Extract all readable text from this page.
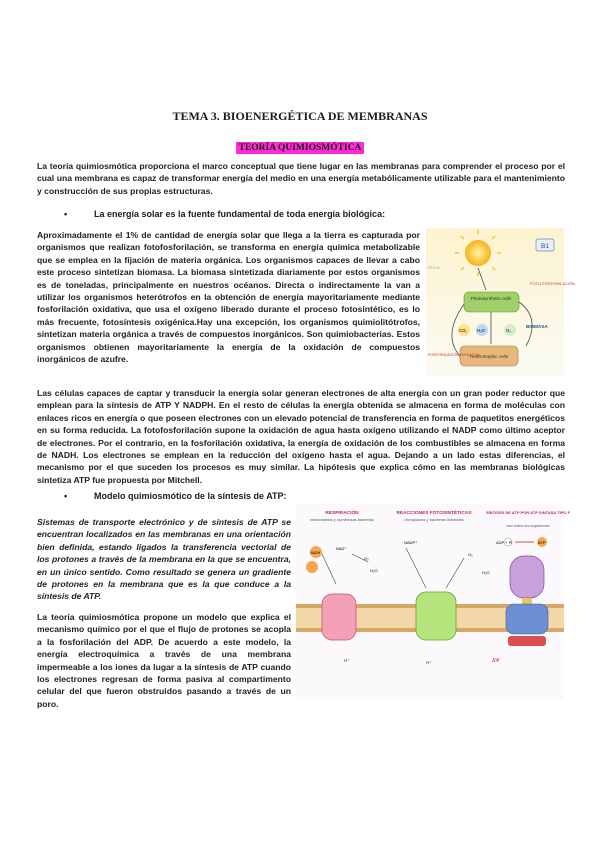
TEMA 3. BIOENERGÉTICA DE MEMBRANAS
TEORÍA QUIMIOSMÓTICA
La teoría quimiosmótica proporciona el marco conceptual que tiene lugar en las membranas para comprender el proceso por el cual una membrana es capaz de transformar energía del medio en una energía metabólicamente utilizable para el mantenimiento y construcción de sus propias estructuras.
•	La energía solar es la fuente fundamental de toda energía biológica:
Aproximadamente el 1% de cantidad de energía solar que llega a la tierra es capturada por organismos que realizan fotofosforilación, se transforma en energía química metabolizable que se emplea en la fijación de materia orgánica. Los organismos capaces de llevar a cabo este proceso sintetizan biomasa. La biomasa sintetizada diariamente por estos organismos es de toneladas, principalmente en nuestros océanos. Directa o indirectamente la van a utilizar los organismos heterótrofos en la obtención de energía mayoritariamente mediante fosforilación oxidativa, que usa el oxígeno liberado durante el proceso fotosintético, es lo más frecuente, fotosíntesis oxigénica.Hay una excepción, los organismos quimiolitótrofos, sintetizan materia orgánica a través de compuestos inorgánicos. Son quimiobacterias. Estos organismos obtienen mayoritariamente la energía de la oxidación de compuestos inorgánicos de azufre.
B1
ETICA
Photosynthetic cells
Heterotrophic cells
FOTO-FOSFORILACIÓN
BIOMASA
FOSFORILACIÓN OXIDATIVA
CO₂ H₂O	O₂
Las células capaces de captar y transducir la energía solar generan electrones de alta energía con un gran poder reductor que emplean para la síntesis de ATP Y NADPH. En el resto de células la energía obtenida se almacena en forma de moléculas con enlaces ricos en energía o que poseen electrones con un elevado potencial de transferencia en forma de paquetitos energéticos en su forma reducida. La fotofosforilación supone la oxidación de agua hasta oxígeno utilizando el NADP como último aceptor de electrones. Por el contrario, en la fosforilación oxidativa, la energía de oxidación de los combustibles se almacena en forma de NADH. Los electrones se emplean en la reducción del oxígeno hasta el agua. Dejando a un lado estas diferencias, el mecanismo por el que suceden los procesos es muy similar. La hipótesis que explica cómo en las membranas biológicas sintetiza ATP fue propuesta por Mitchell.
•	Modelo quimiosmótico de la síntesis de ATP:
Sistemas de transporte electrónico y de síntesis de ATP se encuentran localizados en las membranas en una orientación bien definida, estando ligados la transferencia vectorial de los protones a través de la membrana en la que se encuentra, en un único sentido. Como resultado se genera un gradiente de protones en la membrana que es la que conduce a la síntesis de ATP.
La teoría quimiosmótica propone un modelo que explica el mecanismo químico por el que el flujo de protones se acopla a la fosforilación del ADP. De acuerdo a este modelo, la energía electroquímica a través de una membrana impermeable a los iones da lugar a la síntesis de ATP cuando los electrones regresan de forma pasiva al compartimento celular del que fueron obstruidos pasando a través de un poro.
RESPIRACIÓN
mitocondrias y numerosas bacterias
REACCIONES FOTOSINTÉTICAS
cloroplastos y bacterias fotótrofas
SÍNTESIS DE ATP POR ATP SINTASA TIPO F
casi todos los organismos
NADH
NAD⁺
O₂
H₂O
H⁺
NADP⁺
O₂
H₂O
H⁺
ADP + Pi	ATP
ΔΨ
